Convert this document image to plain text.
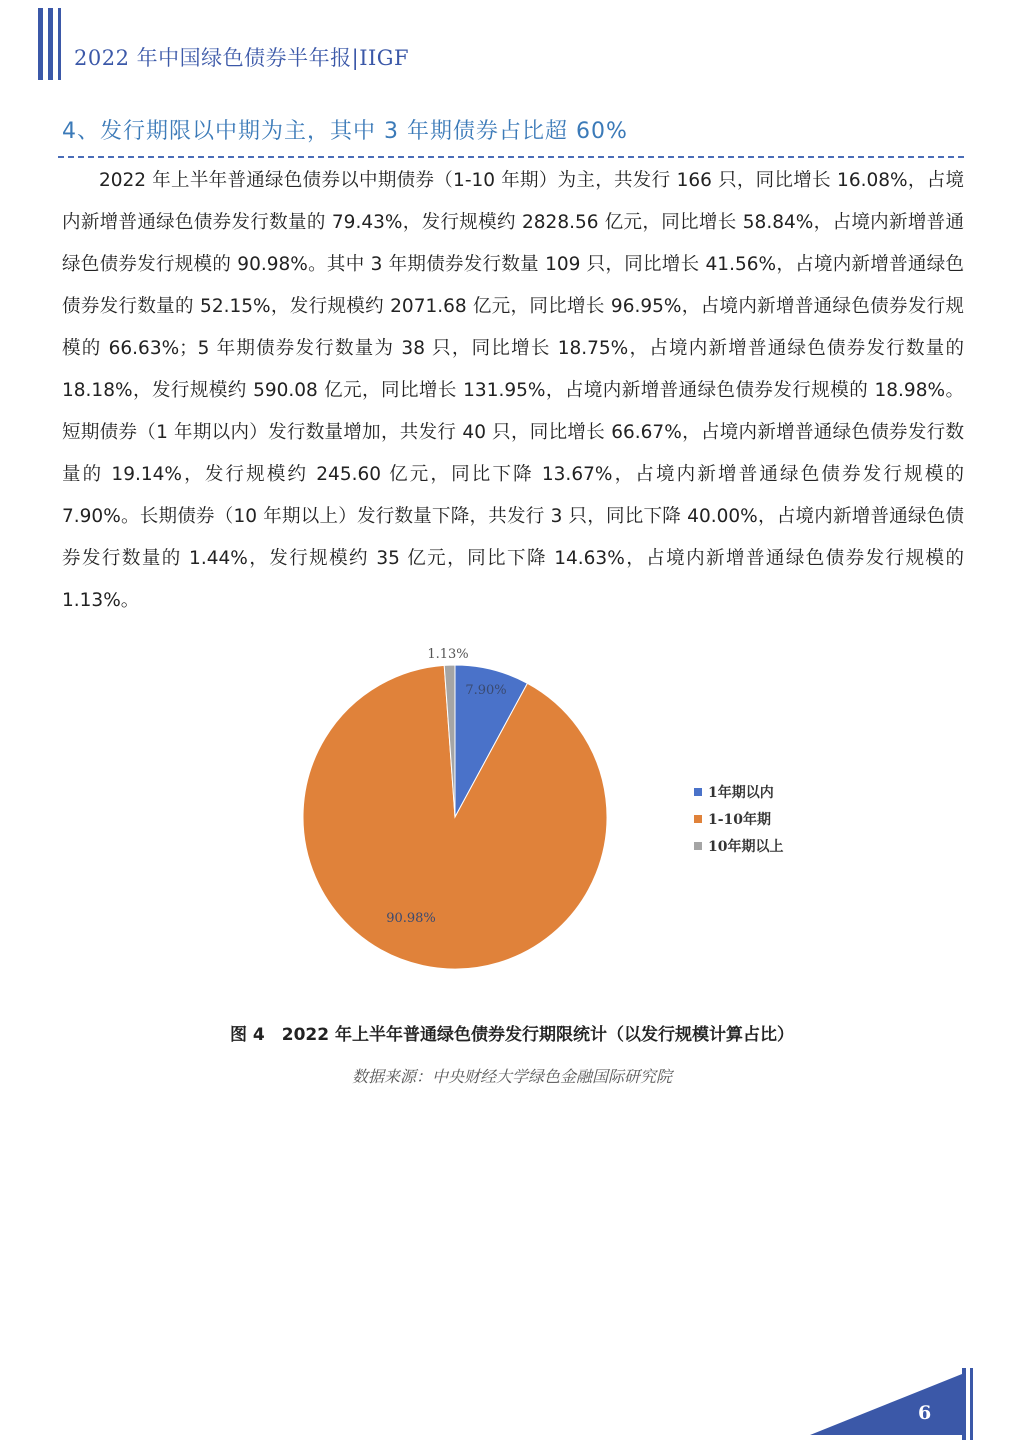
2022 年中国绿色债券半年报|IIGF
4、发行期限以中期为主，其中 3 年期债券占比超 60%

2022 年上半年普通绿色债券以中期债券（1-10 年期）为主，共发行 166 只，同比增长 16.08%，占境内新增普通绿色债券发行数量的 79.43%，发行规模约 2828.56 亿元，同比增长 58.84%，占境内新增普通绿色债券发行规模的 90.98%。其中 3 年期债券发行数量 109 只，同比增长 41.56%，占境内新增普通绿色债券发行数量的 52.15%，发行规模约 2071.68 亿元，同比增长 96.95%，占境内新增普通绿色债券发行规模的 66.63%；5 年期债券发行数量为 38 只，同比增长 18.75%，占境内新增普通绿色债券发行数量的 18.18%，发行规模约 590.08 亿元，同比增长 131.95%，占境内新增普通绿色债券发行规模的 18.98%。短期债券（1 年期以内）发行数量增加，共发行 40 只，同比增长 66.67%，占境内新增普通绿色债券发行数量的 19.14%，发行规模约 245.60 亿元，同比下降 13.67%，占境内新增普通绿色债券发行规模的 7.90%。长期债券（10 年期以上）发行数量下降，共发行 3 只，同比下降 40.00%，占境内新增普通绿色债券发行数量的 1.44%，发行规模约 35 亿元，同比下降 14.63%，占境内新增普通绿色债券发行规模的 1.13%。

7.90%
90.98%
1.13%
1年期以内
1-10年期
10年期以上
图 4　2022 年上半年普通绿色债券发行期限统计（以发行规模计算占比）
数据来源：中央财经大学绿色金融国际研究院
6
